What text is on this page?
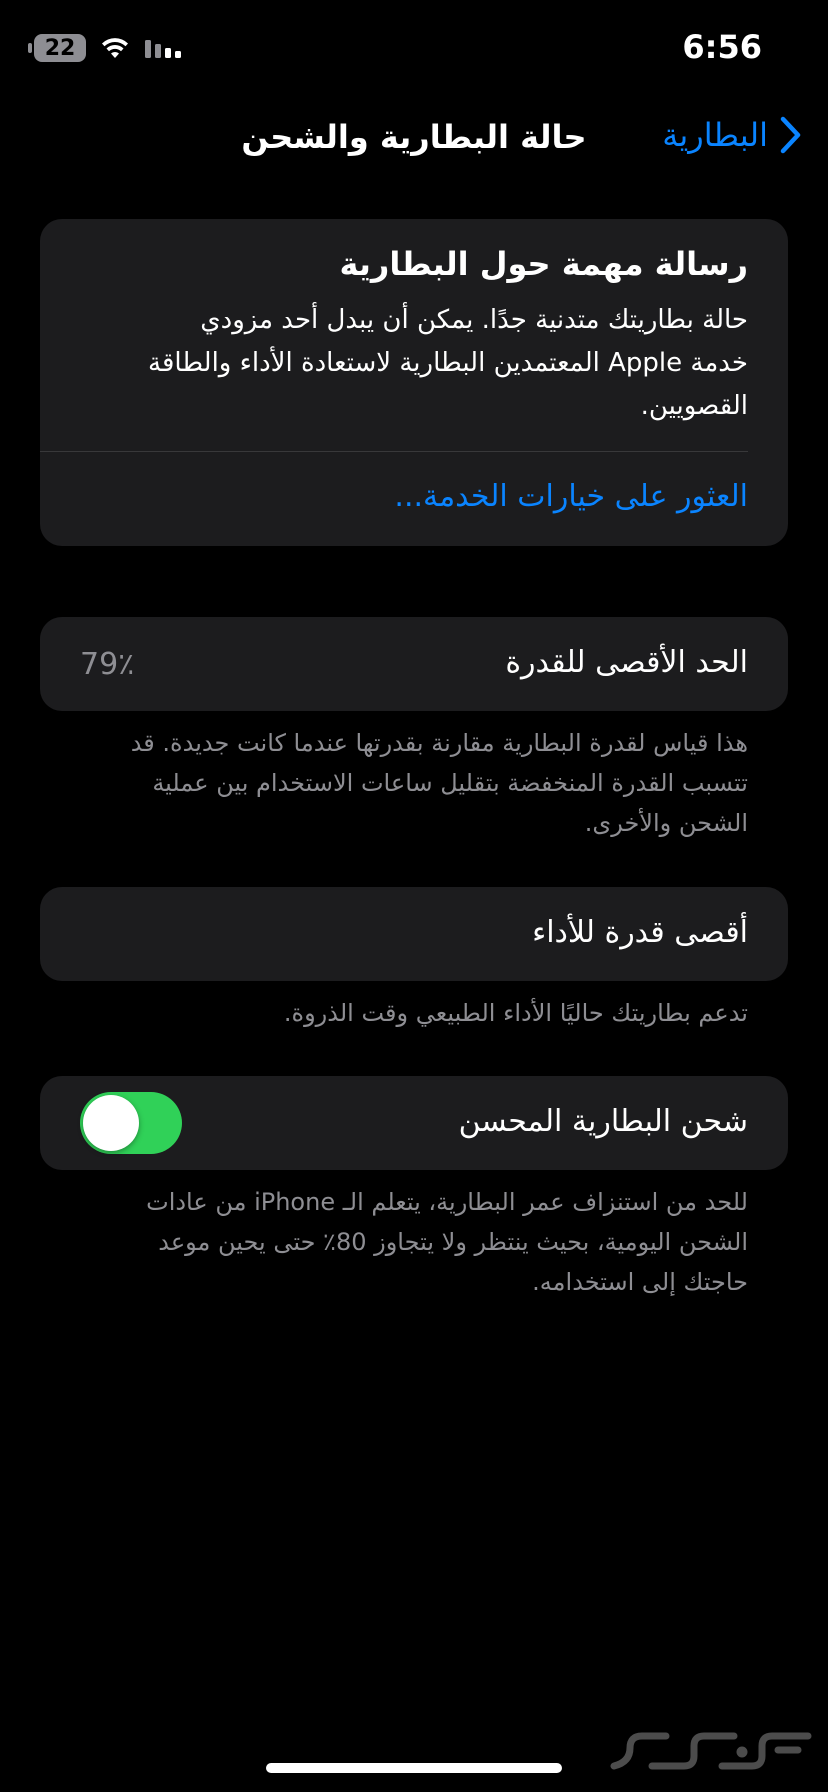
22	6:56
حالة البطارية والشحن	البطارية
رسالة مهمة حول البطارية
حالة بطاريتك متدنية جدًا. يمكن أن يبدل أحد مزودي
خدمة Apple المعتمدين البطارية لاستعادة الأداء والطاقة
القصويين.
العثور على خيارات الخدمة...
الحد الأقصى للقدرة
79٪
هذا قياس لقدرة البطارية مقارنة بقدرتها عندما كانت جديدة. قد
تتسبب القدرة المنخفضة بتقليل ساعات الاستخدام بين عملية
الشحن والأخرى.
أقصى قدرة للأداء
تدعم بطاريتك حاليًا الأداء الطبيعي وقت الذروة.
شحن البطارية المحسن
للحد من استنزاف عمر البطارية، يتعلم الـ iPhone من عادات
الشحن اليومية، بحيث ينتظر ولا يتجاوز 80٪ حتى يحين موعد
حاجتك إلى استخدامه.
